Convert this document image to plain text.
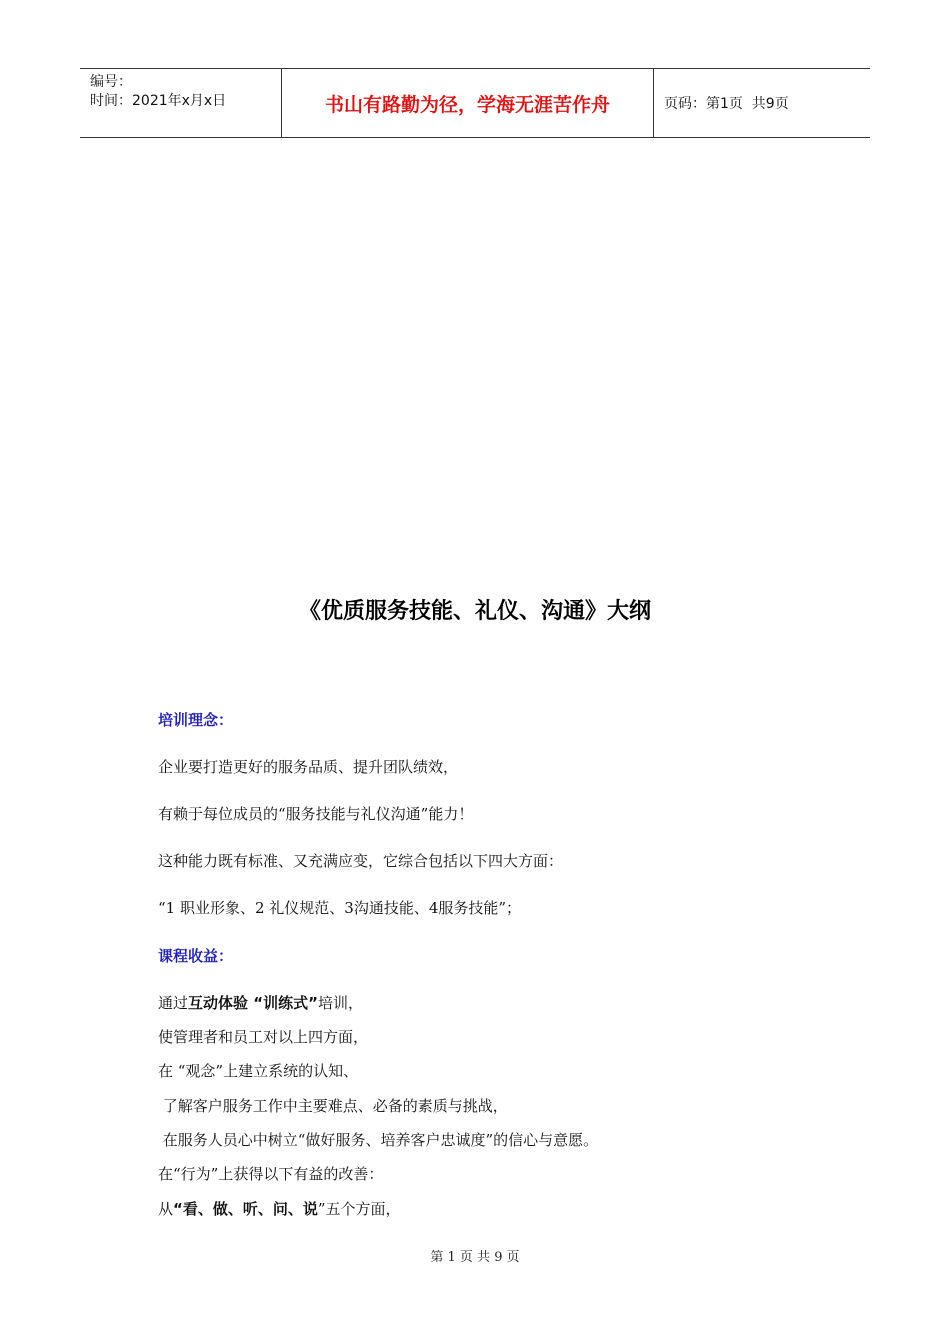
编号：
时间：2021年x月x日	书山有路勤为径，学海无涯苦作舟	页码：第1页  共9页
《优质服务技能、礼仪、沟通》大纲
培训理念：
企业要打造更好的服务品质、提升团队绩效，
有赖于每位成员的“服务技能与礼仪沟通”能力！
这种能力既有标准、又充满应变，它综合包括以下四大方面：
“1 职业形象、2 礼仪规范、3沟通技能、4服务技能”；
课程收益：
通过互动体验 “训练式”培训，
使管理者和员工对以上四方面，
在 “观念”上建立系统的认知、
了解客户服务工作中主要难点、必备的素质与挑战，
在服务人员心中树立“做好服务、培养客户忠诚度”的信心与意愿。
在“行为”上获得以下有益的改善：
从“看、做、听、问、说”五个方面，
第 1 页 共 9 页
